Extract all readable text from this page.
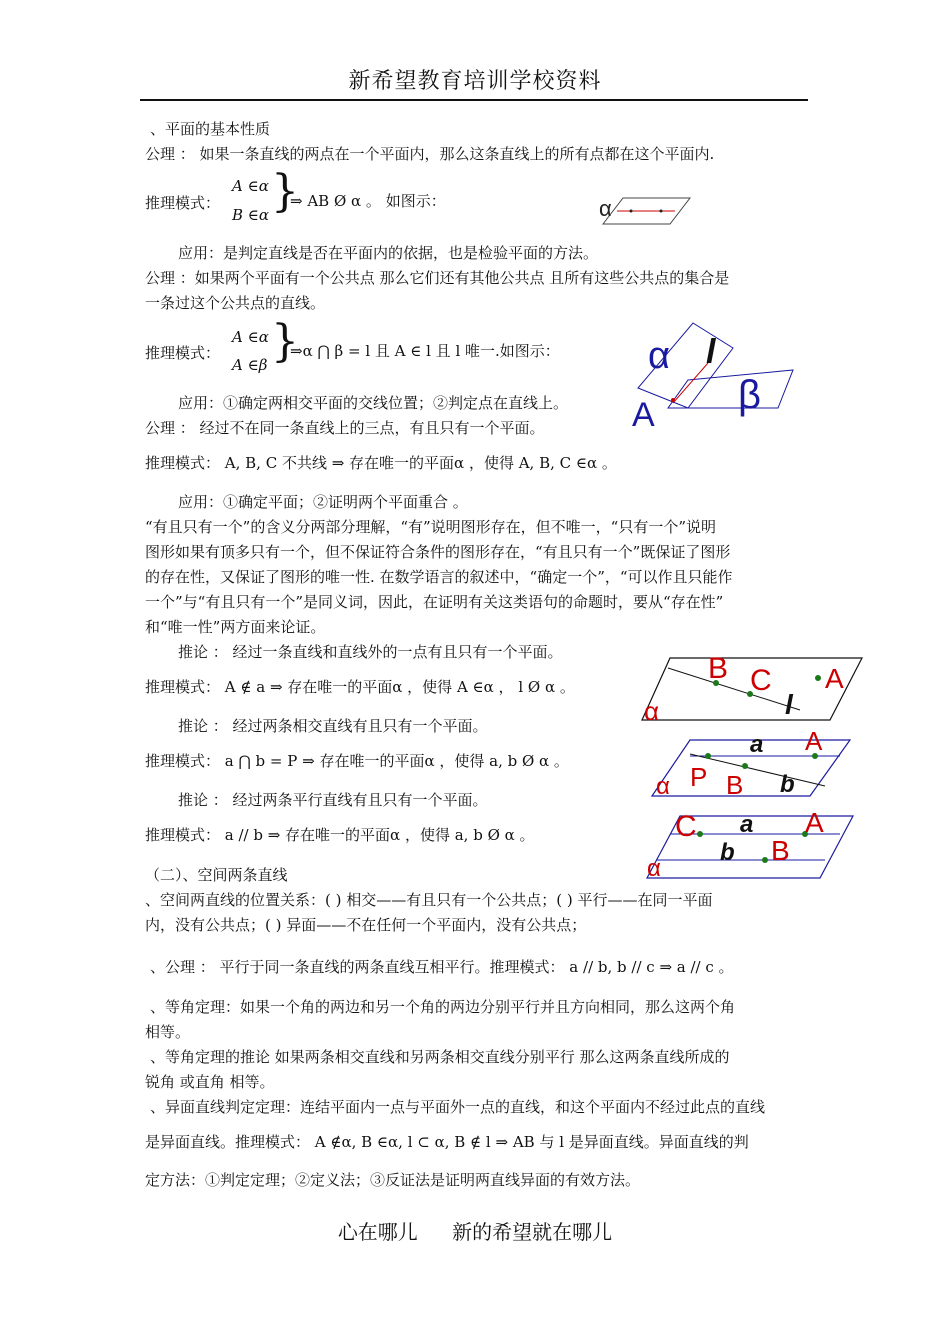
新希望教育培训学校资料
、平面的基本性质
公理 ： 如果一条直线的两点在一个平面内，那么这条直线上的所有点都在这个平面内.
推理模式：
A ∈α
B ∈α }
⇒ AB Ø α 。 如图示：
应用：是判定直线是否在平面内的依据，也是检验平面的方法。
公理 ：如果两个平面有一个公共点 那么它们还有其他公共点 且所有这些公共点的集合是
一条过这个公共点的直线。
推理模式：
A ∈α
A ∈β }
⇒α ⋂ β = l 且 A ∈ l 且 l 唯一.如图示：
应用：①确定两相交平面的交线位置；②判定点在直线上。
公理 ： 经过不在同一条直线上的三点，有且只有一个平面。
推理模式： A, B, C 不共线 ⇒ 存在唯一的平面α ，使得 A, B, C ∈α 。
应用：①确定平面；②证明两个平面重合 。
“有且只有一个”的含义分两部分理解，“有”说明图形存在，但不唯一，“只有一个”说明
图形如果有顶多只有一个，但不保证符合条件的图形存在，“有且只有一个”既保证了图形
的存在性，又保证了图形的唯一性. 在数学语言的叙述中，“确定一个”，“可以作且只能作
一个”与“有且只有一个”是同义词，因此，在证明有关这类语句的命题时，要从“存在性”
和“唯一性”两方面来论证。
推论 ： 经过一条直线和直线外的一点有且只有一个平面。
推理模式： A ∉ a ⇒ 存在唯一的平面α ，使得 A ∈α ， l Ø α 。
推论 ： 经过两条相交直线有且只有一个平面。
推理模式： a ⋂ b = P ⇒ 存在唯一的平面α ，使得 a, b Ø α 。
推论 ： 经过两条平行直线有且只有一个平面。
推理模式： a // b ⇒ 存在唯一的平面α ，使得 a, b Ø α 。
（二）、空间两条直线
、空间两直线的位置关系：( ) 相交——有且只有一个公共点；( ) 平行——在同一平面
内，没有公共点；( ) 异面——不在任何一个平面内，没有公共点；
、公理 ： 平行于同一条直线的两条直线互相平行。推理模式： a // b, b // c ⇒ a // c 。
、等角定理：如果一个角的两边和另一个角的两边分别平行并且方向相同，那么这两个角
相等。
、等角定理的推论 如果两条相交直线和另两条相交直线分别平行 那么这两条直线所成的
锐角 或直角 相等。
、异面直线判定定理：连结平面内一点与平面外一点的直线，和这个平面内不经过此点的直线
是异面直线。推理模式： A ∉α, B ∈α, l ⊂ α, B ∉ l ⇒ AB 与 l 是异面直线。异面直线的判
定方法：①判定定理；②定义法；③反证法是证明两直线异面的有效方法。
心在哪儿 新的希望就在哪儿
α
α l
β
A
B C A
l
α
a A
P B b
α
C a A
b B
α
